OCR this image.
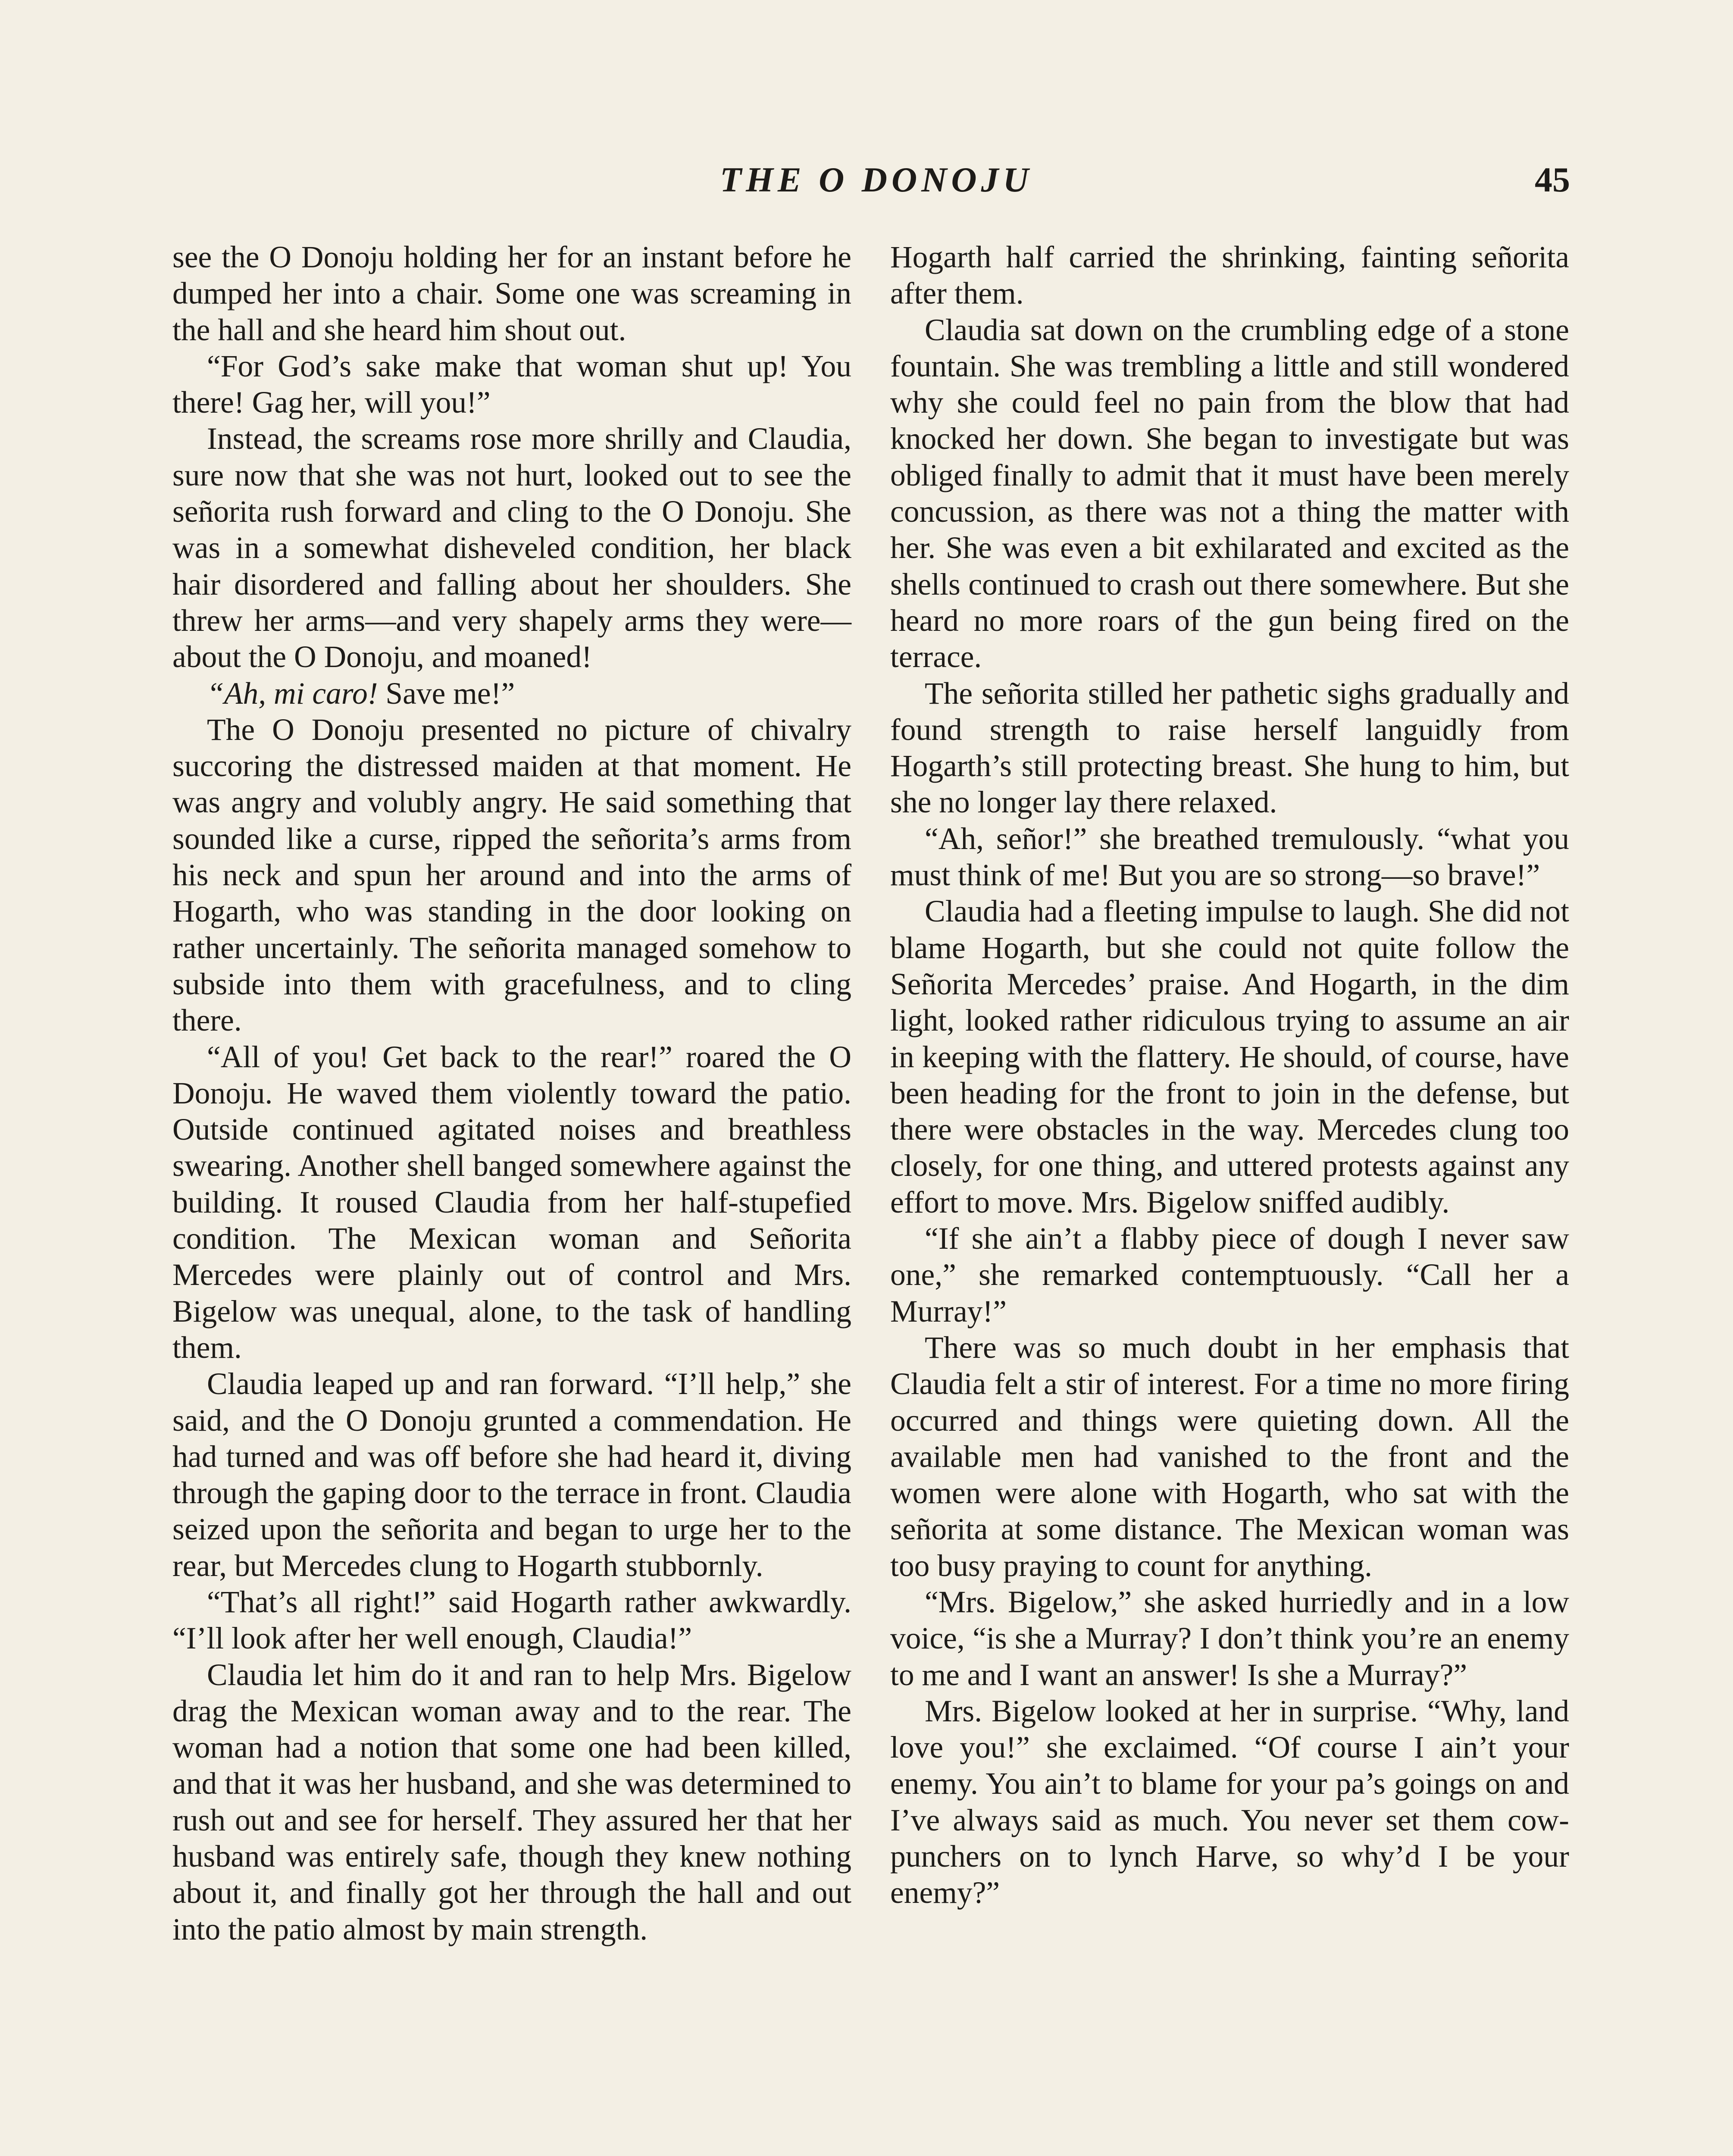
THE O DONOJU	45

see the O Donoju holding her for an instant before he dumped her into a chair. Some one was screaming in the hall and she heard him shout out.

“For God’s sake make that woman shut up! You there! Gag her, will you!”

Instead, the screams rose more shrilly and Claudia, sure now that she was not hurt, looked out to see the señorita rush forward and cling to the O Donoju. She was in a somewhat disheveled condition, her black hair disordered and falling about her shoulders. She threw her arms—and very shapely arms they were—about the O Donoju, and moaned!

“Ah, mi caro! Save me!”

The O Donoju presented no picture of chivalry succoring the distressed maiden at that moment. He was angry and volubly angry. He said something that sounded like a curse, ripped the señorita’s arms from his neck and spun her around and into the arms of Hogarth, who was standing in the door looking on rather uncertainly. The señorita managed somehow to subside into them with gracefulness, and to cling there.

“All of you! Get back to the rear!” roared the O Donoju. He waved them violently toward the patio. Outside continued agitated noises and breathless swearing. Another shell banged somewhere against the building. It roused Claudia from her half-stupefied condition. The Mexican woman and Señorita Mercedes were plainly out of control and Mrs. Bigelow was unequal, alone, to the task of handling them.

Claudia leaped up and ran forward. “I’ll help,” she said, and the O Donoju grunted a commendation. He had turned and was off before she had heard it, diving through the gaping door to the terrace in front. Claudia seized upon the señorita and began to urge her to the rear, but Mercedes clung to Hogarth stubbornly.

“That’s all right!” said Hogarth rather awkwardly. “I’ll look after her well enough, Claudia!”

Claudia let him do it and ran to help Mrs. Bigelow drag the Mexican woman away and to the rear. The woman had a notion that some one had been killed, and that it was her husband, and she was determined to rush out and see for herself. They assured her that her husband was entirely safe, though they knew nothing about it, and finally got her through the hall and out into the patio almost by main strength.

Hogarth half carried the shrinking, fainting señorita after them.

Claudia sat down on the crumbling edge of a stone fountain. She was trembling a little and still wondered why she could feel no pain from the blow that had knocked her down. She began to investigate but was obliged finally to admit that it must have been merely concussion, as there was not a thing the matter with her. She was even a bit exhilarated and excited as the shells continued to crash out there somewhere. But she heard no more roars of the gun being fired on the terrace.

The señorita stilled her pathetic sighs gradually and found strength to raise herself languidly from Hogarth’s still protecting breast. She hung to him, but she no longer lay there relaxed.

“Ah, señor!” she breathed tremulously. “what you must think of me! But you are so strong—so brave!”

Claudia had a fleeting impulse to laugh. She did not blame Hogarth, but she could not quite follow the Señorita Mercedes’ praise. And Hogarth, in the dim light, looked rather ridiculous trying to assume an air in keeping with the flattery. He should, of course, have been heading for the front to join in the defense, but there were obstacles in the way. Mercedes clung too closely, for one thing, and uttered protests against any effort to move. Mrs. Bigelow sniffed audibly.

“If she ain’t a flabby piece of dough I never saw one,” she remarked contemptuously. “Call her a Murray!”

There was so much doubt in her emphasis that Claudia felt a stir of interest. For a time no more firing occurred and things were quieting down. All the available men had vanished to the front and the women were alone with Hogarth, who sat with the señorita at some distance. The Mexican woman was too busy praying to count for anything.

“Mrs. Bigelow,” she asked hurriedly and in a low voice, “is she a Murray? I don’t think you’re an enemy to me and I want an answer! Is she a Murray?”

Mrs. Bigelow looked at her in surprise. “Why, land love you!” she exclaimed. “Of course I ain’t your enemy. You ain’t to blame for your pa’s goings on and I’ve always said as much. You never set them cow-punchers on to lynch Harve, so why’d I be your enemy?”
